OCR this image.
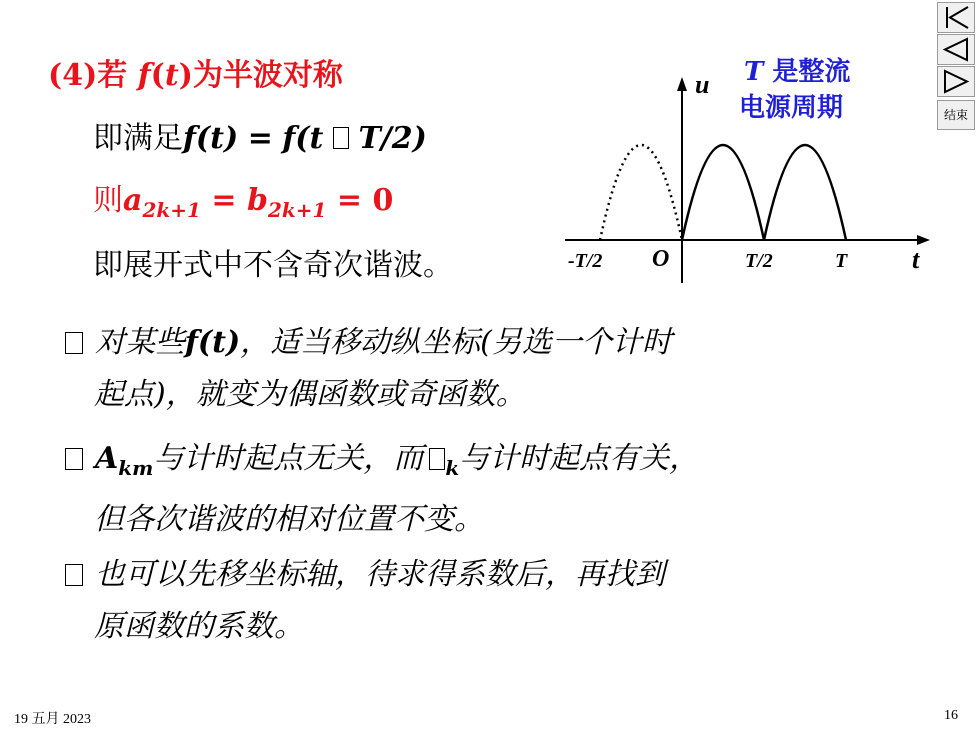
(4)若 f(t)为半波对称
即满足f(t) = f(t T/2)
则$a_{2k+1} = b_{2k+1} = 0$
即展开式中不含奇次谐波。
u
t
-T/2 O	T/2	T
T 是整流
电源周期
对某些f(t)，适当移动纵坐标(另选一个计时
起点)，就变为偶函数或奇函数。
$A_{km}$与计时起点无关，而 $_k$与计时起点有关，
但各次谐波的相对位置不变。
也可以先移坐标轴，待求得系数后，再找到
原函数的系数。
结束
19 五月 2023	16
